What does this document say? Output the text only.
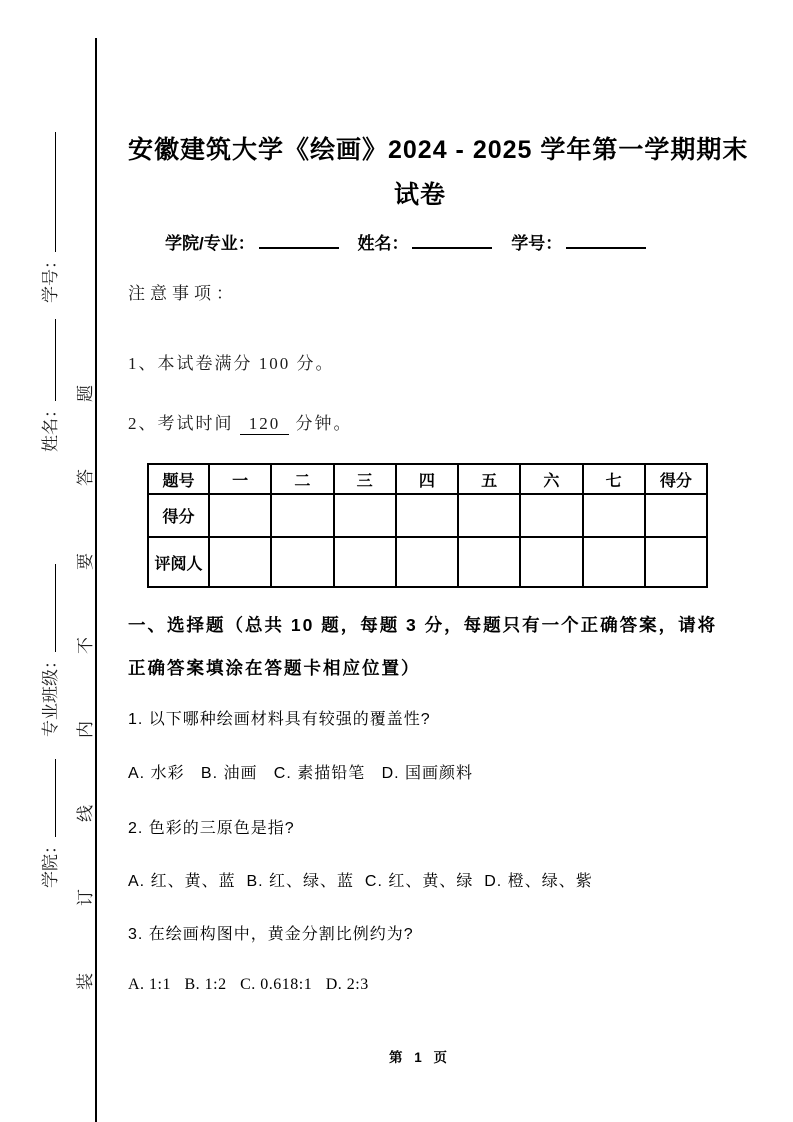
装订线内不要答题
学号：
姓名：
专业班级：
学院：
安徽建筑大学《绘画》2024 - 2025 学年第一学期期末
试卷
学院/专业：	姓名：	学号：
注意事项：
1、本试卷满分 100 分。
2、考试时间 120 分钟。
题号	一	二	三	四	五	六	七	得分
得分								
评阅人								
一、选择题（总共 10 题，每题 3 分，每题只有一个正确答案，请将
正确答案填涂在答题卡相应位置）
1. 以下哪种绘画材料具有较强的覆盖性?
A. 水彩   B. 油画   C. 素描铅笔   D. 国画颜料
2. 色彩的三原色是指?
A. 红、黄、蓝  B. 红、绿、蓝  C. 红、黄、绿  D. 橙、绿、紫
3. 在绘画构图中，黄金分割比例约为?
A. 1:1   B. 1:2   C. 0.618:1   D. 2:3
第 1 页
